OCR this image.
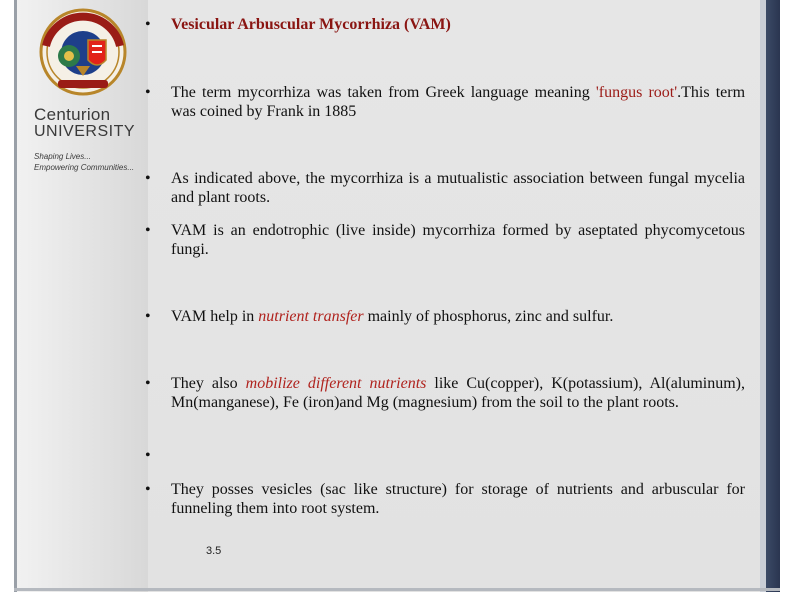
Centurion
UNIVERSITY
Shaping Lives...
Empowering Communities...
•	Vesicular Arbuscular Mycorrhiza (VAM)
•	The term mycorrhiza was taken from Greek language meaning 'fungus root'.This term was coined by Frank in 1885
•	As indicated above, the mycorrhiza is a mutualistic association between fungal mycelia and plant roots.
•	VAM is an endotrophic (live inside) mycorrhiza formed by aseptated phycomycetous fungi.
•	VAM help in nutrient transfer mainly of phosphorus, zinc and sulfur.
•	They also mobilize different nutrients like Cu(copper), K(potassium), Al(aluminum), Mn(manganese), Fe (iron)and Mg (magnesium) from the soil to the plant roots.
•
•	They posses vesicles (sac like structure) for storage of nutrients and arbuscular for funneling them into root system.
3.5
